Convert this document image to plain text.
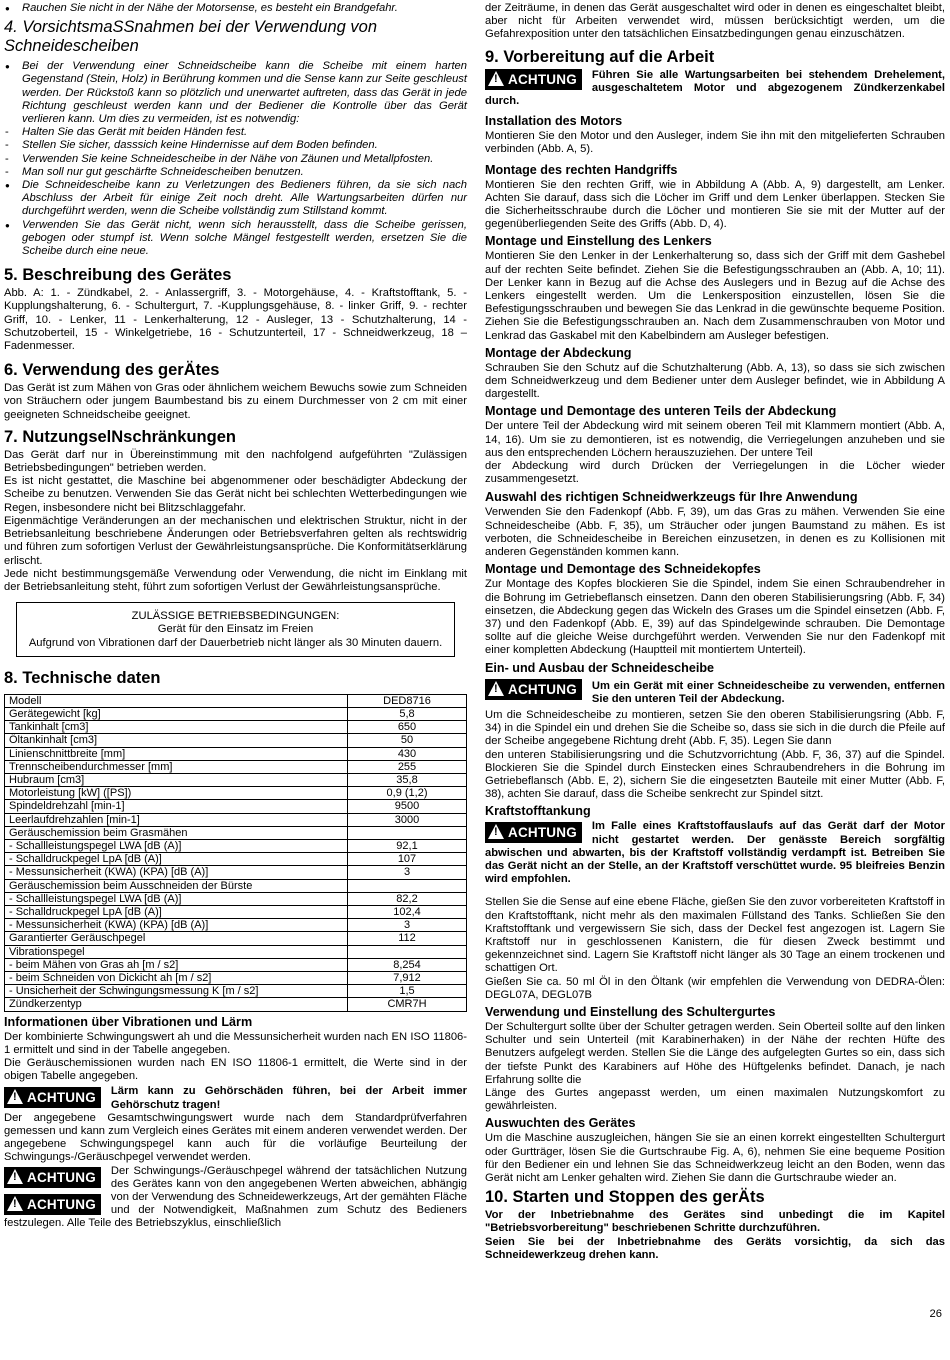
● Rauchen Sie nicht in der Nähe der Motorsense, es besteht ein Brandgefahr.

4. VorsichtsmaSSnahmen bei der Verwendung von Schneidescheiben

● Bei der Verwendung einer Schneidscheibe kann die Scheibe mit einem harten Gegenstand (Stein, Holz) in Berührung kommen und die Sense kann zur Seite geschleust werden. Der Rückstoß kann so plötzlich und unerwartet auftreten, dass das Gerät in jede Richtung geschleust werden kann und der Bediener die Kontrolle über das Gerät verlieren kann. Um dies zu vermeiden, ist es notwendig:

- Halten Sie das Gerät mit beiden Händen fest.

- Stellen Sie sicher, dasssich keine Hindernisse auf dem Boden befinden.

- Verwenden Sie keine Schneidescheibe in der Nähe von Zäunen und Metallpfosten.

- Man soll nur gut geschärfte Schneidescheiben benutzen.

● Die Schneidescheibe kann zu Verletzungen des Bedieners führen, da sie sich nach Abschluss der Arbeit für einige Zeit noch dreht. Alle Wartungsarbeiten dürfen nur durchgeführt werden, wenn die Scheibe vollständig zum Stillstand kommt.

● Verwenden Sie das Gerät nicht, wenn sich herausstellt, dass die Scheibe gerissen, gebogen oder stumpf ist. Wenn solche Mängel festgestellt werden, ersetzen Sie die Scheibe durch eine neue.

5. Beschreibung des Gerätes

Abb. A: 1. - Zündkabel, 2. - Anlassergriff, 3. - Motorgehäuse, 4. - Kraftstofftank, 5. - Kupplungshalterung, 6. - Schultergurt, 7. -Kupplungsgehäuse, 8. - linker Griff, 9. - rechter Griff, 10. - Lenker, 11 - Lenkerhalterung, 12 - Ausleger, 13 - Schutzhalterung, 14 - Schutzoberteil, 15 - Winkelgetriebe, 16 - Schutzunterteil, 17 - Schneidwerkzeug, 18 – Fadenmesser.

6. Verwendung des gerÄtes

Das Gerät ist zum Mähen von Gras oder ähnlichem weichem Bewuchs sowie zum Schneiden von Sträuchern oder jungem Baumbestand bis zu einem Durchmesser von 2 cm mit einer geeigneten Schneidscheibe geeignet.

7. NutzungselNschränkungen

Das Gerät darf nur in Übereinstimmung mit den nachfolgend aufgeführten "Zulässigen Betriebsbedingungen" betrieben werden.

Es ist nicht gestattet, die Maschine bei abgenommener oder beschädigter Abdeckung der Scheibe zu benutzen. Verwenden Sie das Gerät nicht bei schlechten Wetterbedingungen wie Regen, insbesondere nicht bei Blitzschlaggefahr.

Eigenmächtige Veränderungen an der mechanischen und elektrischen Struktur, nicht in der Betriebsanleitung beschriebene Änderungen oder Betriebsverfahren gelten als rechtswidrig und führen zum sofortigen Verlust der Gewährleistungsansprüche. Die Konformitätserklärung erlischt.

Jede nicht bestimmungsgemäße Verwendung oder Verwendung, die nicht im Einklang mit der Betriebsanleitung steht, führt zum sofortigen Verlust der Gewährleistungsansprüche.

ZULÄSSIGE BETRIEBSBEDINGUNGEN:
Gerät für den Einsatz im Freien
Aufgrund von Vibrationen darf der Dauerbetrieb nicht länger als 30 Minuten dauern.
8. Technische daten
Modell	DED8716
Gerätegewicht [kg]	5,8
Tankinhalt [cm3]	650
Öltankinhalt [cm3]	50
Linienschnittbreite [mm]	430
Trennscheibendurchmesser [mm]	255
Hubraum [cm3]	35,8
Motorleistung [kW] ([PS])	0,9 (1,2)
Spindeldrehzahl [min-1]	9500
Leerlaufdrehzahlen [min-1]	3000
Geräuschemission beim Grasmähen	
- Schallleistungspegel LWA [dB (A)]	92,1
- Schalldruckpegel LpA [dB (A)]	107
- Messunsicherheit (KWA) (KPA) [dB (A)]	3
Geräuschemission beim Ausschneiden der Bürste	
- Schallleistungspegel LWA [dB (A)]	82,2
- Schalldruckpegel LpA [dB (A)]	102,4
- Messunsicherheit (KWA) (KPA) [dB (A)]	3
Garantierter Geräuschpegel	112
Vibrationspegel	
- beim Mähen von Gras ah [m / s2]	8,254
- beim Schneiden von Dickicht ah [m / s2]	7,912
- Unsicherheit der Schwingungsmessung K [m / s2]	1,5
Zündkerzentyp	CMR7H
Informationen über Vibrationen und Lärm

Der kombinierte Schwingungswert ah und die Messunsicherheit wurden nach EN ISO 11806-1 ermittelt und sind in der Tabelle angegeben.

Die Geräuschemissionen wurden nach EN ISO 11806-1 ermittelt, die Werte sind in der obigen Tabelle angegeben.

!ACHTUNG	Lärm kann zu Gehörschäden führen, bei der Arbeit immer Gehörschutz tragen!

Der angegebene Gesamtschwingungswert wurde nach dem Standardprüfverfahren gemessen und kann zum Vergleich eines Gerätes mit einem anderen verwendet werden. Der angegebene Schwingungspegel kann auch für die vorläufige Beurteilung der Schwingungs-/Geräuschpegel verwendet werden.

!ACHTUNG
!ACHTUNG

Der Schwingungs-/Geräuschpegel während der tatsächlichen Nutzung des Gerätes kann von den angegebenen Werten abweichen, abhängig von der Verwendung des Schneidewerkzeugs, Art der gemähten Fläche und der Notwendigkeit, Maßnahmen zum Schutz des Bedieners festzulegen. Alle Teile des Betriebszyklus, einschließlich

der Zeiträume, in denen das Gerät ausgeschaltet wird oder in denen es eingeschaltet bleibt, aber nicht für Arbeiten verwendet wird, müssen berücksichtigt werden, um die Gefahrexposition unter den tatsächlichen Einsatzbedingungen genau einzuschätzen.

9. Vorbereitung auf die Arbeit
!ACHTUNG	Führen Sie alle Wartungsarbeiten bei stehendem Drehelement, ausgeschaltetem Motor und abgezogenem Zündkerzenkabel durch.

Installation des Motors

Montieren Sie den Motor und den Ausleger, indem Sie ihn mit den mitgelieferten Schrauben verbinden (Abb. A, 5).

Montage des rechten Handgriffs

Montieren Sie den rechten Griff, wie in Abbildung A (Abb. A, 9) dargestellt, am Lenker. Achten Sie darauf, dass sich die Löcher im Griff und dem Lenker überlappen. Stecken Sie die Sicherheitsschraube durch die Löcher und montieren Sie sie mit der Mutter auf der gegenüberliegenden Seite des Griffs (Abb. D, 4).

Montage und Einstellung des Lenkers

Montieren Sie den Lenker in der Lenkerhalterung so, dass sich der Griff mit dem Gashebel auf der rechten Seite befindet. Ziehen Sie die Befestigungsschrauben an (Abb. A, 10; 11). Der Lenker kann in Bezug auf die Achse des Auslegers und in Bezug auf die Achse des Lenkers eingestellt werden. Um die Lenkersposition einzustellen, lösen Sie die Befestigungsschrauben und bewegen Sie das Lenkrad in die gewünschte bequeme Position. Ziehen Sie die Befestigungsschrauben an. Nach dem Zusammenschrauben von Motor und Lenkrad das Gaskabel mit den Kabelbindern am Ausleger befestigen.

Montage der Abdeckung

Schrauben Sie den Schutz auf die Schutzhalterung (Abb. A, 13), so dass sie sich zwischen dem Schneidwerkzeug und dem Bediener unter dem Ausleger befindet, wie in Abbildung A dargestellt.

Montage und Demontage des unteren Teils der Abdeckung

Der untere Teil der Abdeckung wird mit seinem oberen Teil mit Klammern montiert (Abb. A, 14, 16). Um sie zu demontieren, ist es notwendig, die Verriegelungen anzuheben und sie aus den entsprechenden Löchern herauszuziehen. Der untere Teil

der Abdeckung wird durch Drücken der Verriegelungen in die Löcher wieder zusammengesetzt.

Auswahl des richtigen Schneidwerkzeugs für Ihre Anwendung

Verwenden Sie den Fadenkopf (Abb. F, 39), um das Gras zu mähen. Verwenden Sie eine Schneidescheibe (Abb. F, 35), um Sträucher oder jungen Baumstand zu mähen. Es ist verboten, die Schneidescheibe in Bereichen einzusetzen, in denen es zu Kollisionen mit anderen Gegenständen kommen kann.

Montage und Demontage des Schneidekopfes

Zur Montage des Kopfes blockieren Sie die Spindel, indem Sie einen Schraubendreher in die Bohrung im Getriebeflansch einsetzen. Dann den oberen Stabilisierungsring (Abb. F, 34) einsetzen, die Abdeckung gegen das Wickeln des Grases um die Spindel einsetzen (Abb. F, 37) und den Fadenkopf (Abb. E, 39) auf das Spindelgewinde schrauben. Die Demontage sollte auf die gleiche Weise durchgeführt werden. Verwenden Sie nur den Fadenkopf mit einer kompletten Abdeckung (Hauptteil mit montiertem Unterteil).

Ein- und Ausbau der Schneidescheibe
!ACHTUNG	Um ein Gerät mit einer Schneidescheibe zu verwenden, entfernen Sie den unteren Teil der Abdeckung.

Um die Schneidescheibe zu montieren, setzen Sie den oberen Stabilisierungsring (Abb. F, 34) in die Spindel ein und drehen Sie die Scheibe so, dass sie sich in die durch die Pfeile auf der Scheibe angegebene Richtung dreht (Abb. F, 35). Legen Sie dann

den unteren Stabilisierungsring und die Schutzvorrichtung (Abb. F, 36, 37) auf die Spindel. Blockieren Sie die Spindel durch Einstecken eines Schraubendrehers in die Bohrung im Getriebeflansch (Abb. E, 2), sichern Sie die eingesetzten Bauteile mit einer Mutter (Abb. F, 38), achten Sie darauf, dass die Scheibe senkrecht zur Spindel sitzt.

Kraftstofftankung
!ACHTUNG	Im Falle eines Kraftstoffauslaufs auf das Gerät darf der Motor nicht gestartet werden. Der genässte Bereich sorgfältig abwischen und abwarten, bis der Kraftstoff vollständig verdampft ist. Betreiben Sie das Gerät nicht an der Stelle, an der Kraftstoff verschüttet wurde. 95 bleifreies Benzin wird empfohlen.

Stellen Sie die Sense auf eine ebene Fläche, gießen Sie den zuvor vorbereiteten Kraftstoff in den Kraftstofftank, nicht mehr als den maximalen Füllstand des Tanks. Schließen Sie den Kraftstofftank und vergewissern Sie sich, dass der Deckel fest angezogen ist. Lagern Sie Kraftstoff nur in geschlossenen Kanistern, die für diesen Zweck bestimmt und gekennzeichnet sind. Lagern Sie Kraftstoff nicht länger als 30 Tage an einem trockenen und schattigen Ort.

Gießen Sie ca. 50 ml Öl in den Öltank (wir empfehlen die Verwendung von DEDRA-Ölen: DEGL07A, DEGL07B

Verwendung und Einstellung des Schultergurtes

Der Schultergurt sollte über der Schulter getragen werden. Sein Oberteil sollte auf den linken Schulter und sein Unterteil (mit Karabinerhaken) in der Nähe der rechten Hüfte des Benutzers aufgelegt werden. Stellen Sie die Länge des aufgelegten Gurtes so ein, dass sich der tiefste Punkt des Karabiners auf Höhe des Hüftgelenks befindet. Danach, je nach Erfahrung sollte die

Länge des Gurtes angepasst werden, um einen maximalen Nutzungskomfort zu gewährleisten.

Auswuchten des Gerätes

Um die Maschine auszugleichen, hängen Sie sie an einen korrekt eingestellten Schultergurt oder Gurtträger, lösen Sie die Gurtschraube Fig. A, 6), nehmen Sie eine bequeme Position für den Bediener ein und lehnen Sie das Schneidwerkzeug leicht an den Boden, wenn das Gerät nicht am Lenker gehalten wird. Ziehen Sie dann die Gurtschraube wieder an.

10. Starten und Stoppen des gerÄts

Vor der Inbetriebnahme des Gerätes sind unbedingt die im Kapitel "Betriebsvorbereitung" beschriebenen Schritte durchzuführen.

Seien Sie bei der Inbetriebnahme des Geräts vorsichtig, da sich das Schneidewerkzeug drehen kann.

26
